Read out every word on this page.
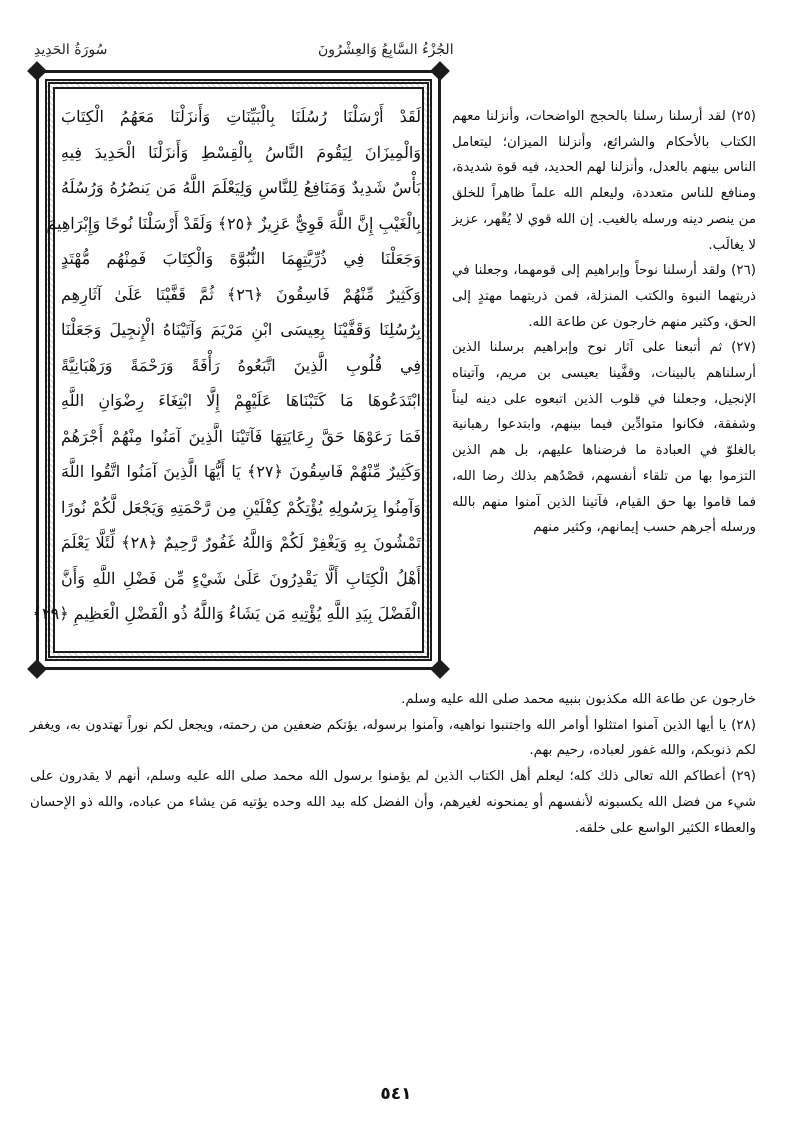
سُورَةُ الحَدِيدِ	الجُزْءُ السَّابِعُ وَالعِشْرُونَ
لَقَدْ أَرْسَلْنَا رُسُلَنَا بِالْبَيِّنَاتِ وَأَنزَلْنَا مَعَهُمُ الْكِتَابَ
وَالْمِيزَانَ لِيَقُومَ النَّاسُ بِالْقِسْطِ وَأَنزَلْنَا الْحَدِيدَ فِيهِ
بَأْسٌ شَدِيدٌ وَمَنَافِعُ لِلنَّاسِ وَلِيَعْلَمَ اللَّهُ مَن يَنصُرُهُ وَرُسُلَهُ
بِالْغَيْبِ إِنَّ اللَّهَ قَوِيٌّ عَزِيزٌ ﴿٢٥﴾ وَلَقَدْ أَرْسَلْنَا نُوحًا وَإِبْرَاهِيمَ
وَجَعَلْنَا فِي ذُرِّيَّتِهِمَا النُّبُوَّةَ وَالْكِتَابَ فَمِنْهُم مُّهْتَدٍ
وَكَثِيرٌ مِّنْهُمْ فَاسِقُونَ ﴿٢٦﴾ ثُمَّ قَفَّيْنَا عَلَىٰ آثَارِهِم
بِرُسُلِنَا وَقَفَّيْنَا بِعِيسَى ابْنِ مَرْيَمَ وَآتَيْنَاهُ الْإِنجِيلَ وَجَعَلْنَا
فِي قُلُوبِ الَّذِينَ اتَّبَعُوهُ رَأْفَةً وَرَحْمَةً وَرَهْبَانِيَّةً
ابْتَدَعُوهَا مَا كَتَبْنَاهَا عَلَيْهِمْ إِلَّا ابْتِغَاءَ رِضْوَانِ اللَّهِ
فَمَا رَعَوْهَا حَقَّ رِعَايَتِهَا فَآتَيْنَا الَّذِينَ آمَنُوا مِنْهُمْ أَجْرَهُمْ
وَكَثِيرٌ مِّنْهُمْ فَاسِقُونَ ﴿٢٧﴾ يَا أَيُّهَا الَّذِينَ آمَنُوا اتَّقُوا اللَّهَ
وَآمِنُوا بِرَسُولِهِ يُؤْتِكُمْ كِفْلَيْنِ مِن رَّحْمَتِهِ وَيَجْعَل لَّكُمْ نُورًا
تَمْشُونَ بِهِ وَيَغْفِرْ لَكُمْ وَاللَّهُ غَفُورٌ رَّحِيمٌ ﴿٢٨﴾ لِّئَلَّا يَعْلَمَ
أَهْلُ الْكِتَابِ أَلَّا يَقْدِرُونَ عَلَىٰ شَيْءٍ مِّن فَضْلِ اللَّهِ وَأَنَّ
الْفَضْلَ بِيَدِ اللَّهِ يُؤْتِيهِ مَن يَشَاءُ وَاللَّهُ ذُو الْفَضْلِ الْعَظِيمِ ﴿٢٩﴾

(٢٥) لقد أرسلنا رسلنا بالحجج الواضحات، وأنزلنا معهم الكتاب بالأحكام والشرائع، وأنزلنا الميزان؛ ليتعامل الناس بينهم بالعدل، وأنزلنا لهم الحديد، فيه قوة شديدة، ومنافع للناس متعددة، وليعلم الله علماً ظاهراً للخلق من ينصر دينه ورسله بالغيب. إن الله قوي لا يُقْهر، عزيز لا يغالَب.

(٢٦) ولقد أرسلنا نوحاً وإبراهيم إلى قومهما، وجعلنا في ذريتهما النبوة والكتب المنزلة، فمن ذريتهما مهتدٍ إلى الحق، وكثير منهم خارجون عن طاعة الله.

(٢٧) ثم أتبعنا على آثار نوح وإبراهيم برسلنا الذين أرسلناهم بالبينات، وقفَّينا بعيسى بن مريم، وآتيناه الإنجيل، وجعلنا في قلوب الذين اتبعوه على دينه ليناً وشفقة، فكانوا متوادِّين فيما بينهم، وابتدعوا رهبانية بالغلوّ في العبادة ما فرضناها عليهم، بل هم الذين التزموا بها من تلقاء أنفسهم، قصْدُهم بذلك رضا الله، فما قاموا بها حق القيام، فآتينا الذين آمنوا منهم بالله ورسله أجرهم حسب إيمانهم، وكثير منهم

خارجون عن طاعة الله مكذبون بنبيه محمد صلى الله عليه وسلم.

(٢٨) يا أيها الذين آمنوا امتثلوا أوامر الله واجتنبوا نواهيه، وآمنوا برسوله، يؤتكم ضعفين من رحمته، ويجعل لكم نوراً تهتدون به، ويغفر لكم ذنوبكم، والله غفور لعباده، رحيم بهم.

(٢٩) أعطاكم الله تعالى ذلك كله؛ ليعلم أهل الكتاب الذين لم يؤمنوا برسول الله محمد صلى الله عليه وسلم، أنهم لا يقدرون على شيء من فضل الله يكسبونه لأنفسهم أو يمنحونه لغيرهم، وأن الفضل كله بيد الله وحده يؤتيه مَن يشاء من عباده، والله ذو الإحسان والعطاء الكثير الواسع على خلقه.

٥٤١
